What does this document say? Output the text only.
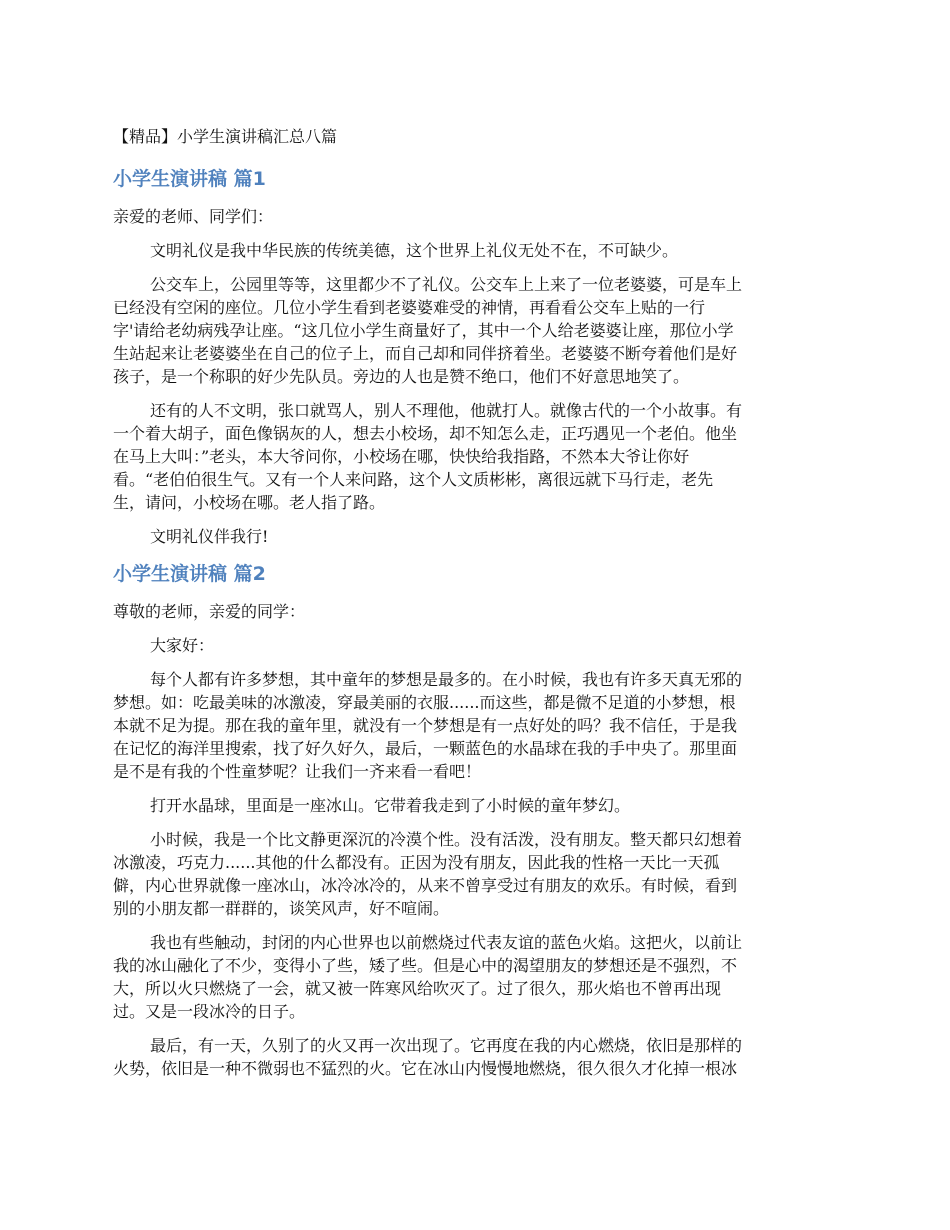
【精品】小学生演讲稿汇总八篇
小学生演讲稿 篇1
亲爱的老师、同学们：
文明礼仪是我中华民族的传统美德，这个世界上礼仪无处不在，不可缺少。
公交车上，公园里等等，这里都少不了礼仪。公交车上上来了一位老婆婆，可是车上
已经没有空闲的座位。几位小学生看到老婆婆难受的神情，再看看公交车上贴的一行
字'请给老幼病残孕让座。“这几位小学生商量好了，其中一个人给老婆婆让座，那位小学
生站起来让老婆婆坐在自己的位子上，而自己却和同伴挤着坐。老婆婆不断夸着他们是好
孩子，是一个称职的好少先队员。旁边的人也是赞不绝口，他们不好意思地笑了。
还有的人不文明，张口就骂人，别人不理他，他就打人。就像古代的一个小故事。有
一个着大胡子，面色像锅灰的人，想去小校场，却不知怎么走，正巧遇见一个老伯。他坐
在马上大叫：”老头，本大爷问你，小校场在哪，快快给我指路，不然本大爷让你好
看。“老伯伯很生气。又有一个人来问路，这个人文质彬彬，离很远就下马行走，老先
生，请问，小校场在哪。老人指了路。
文明礼仪伴我行!
小学生演讲稿 篇2
尊敬的老师，亲爱的同学：
大家好：
每个人都有许多梦想，其中童年的梦想是最多的。在小时候，我也有许多天真无邪的
梦想。如：吃最美味的冰激凌，穿最美丽的衣服......而这些，都是微不足道的小梦想，根
本就不足为提。那在我的童年里，就没有一个梦想是有一点好处的吗？我不信任，于是我
在记忆的海洋里搜索，找了好久好久，最后，一颗蓝色的水晶球在我的手中央了。那里面
是不是有我的个性童梦呢？让我们一齐来看一看吧！
打开水晶球，里面是一座冰山。它带着我走到了小时候的童年梦幻。
小时候，我是一个比文静更深沉的冷漠个性。没有活泼，没有朋友。整天都只幻想着
冰激凌，巧克力......其他的什么都没有。正因为没有朋友，因此我的性格一天比一天孤
僻，内心世界就像一座冰山，冰冷冰冷的，从来不曾享受过有朋友的欢乐。有时候，看到
别的小朋友都一群群的，谈笑风声，好不喧闹。
我也有些触动，封闭的内心世界也以前燃烧过代表友谊的蓝色火焰。这把火，以前让
我的冰山融化了不少，变得小了些，矮了些。但是心中的渴望朋友的梦想还是不强烈，不
大，所以火只燃烧了一会，就又被一阵寒风给吹灭了。过了很久，那火焰也不曾再出现
过。又是一段冰冷的日子。
最后，有一天，久别了的火又再一次出现了。它再度在我的内心燃烧，依旧是那样的
火势，依旧是一种不微弱也不猛烈的火。它在冰山内慢慢地燃烧，很久很久才化掉一根冰
